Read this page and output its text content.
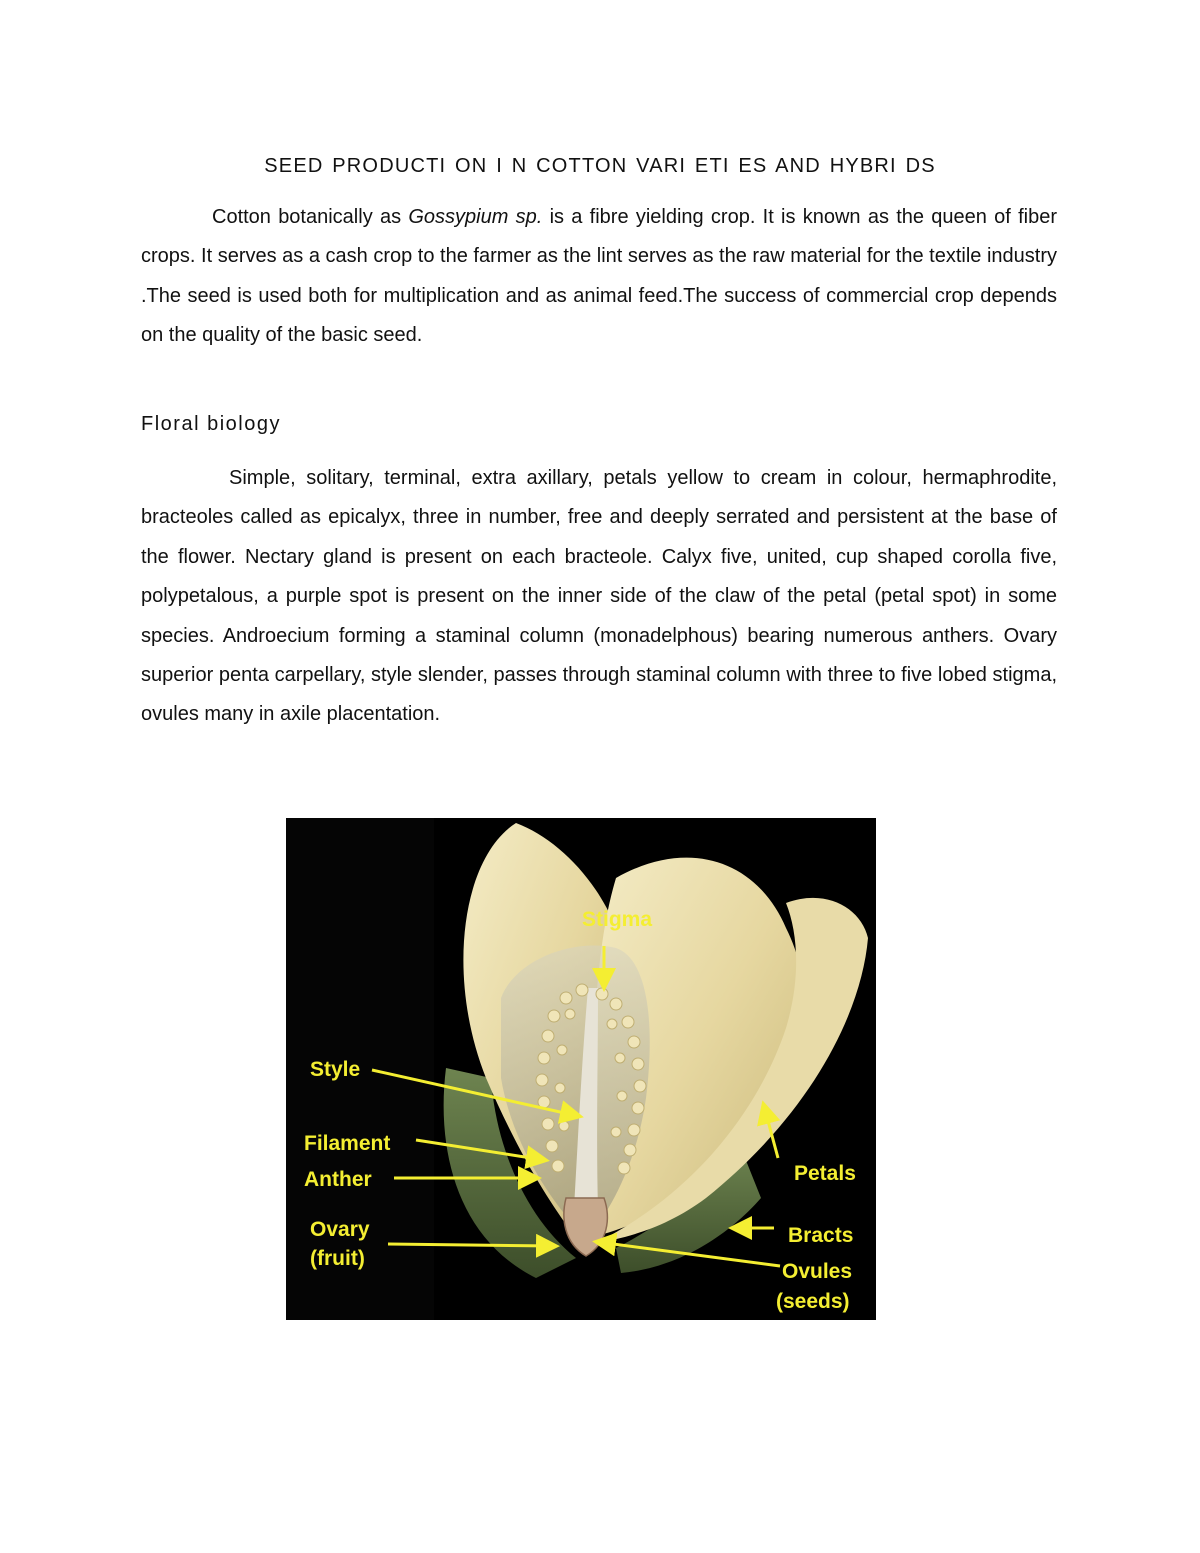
SEED PRODUCTI ON I N COTTON VARI ETI ES AND HYBRI DS

Cotton botanically as Gossypium sp. is a fibre yielding crop. It is known as the queen of fiber crops. It serves as a cash crop to the farmer as the lint serves as the raw material for the textile industry .The seed is used both for multiplication and as animal feed.The success of commercial crop depends on the quality of the basic seed.

Floral biology

Simple, solitary, terminal, extra axillary, petals yellow to cream in colour, hermaphrodite, bracteoles called as epicalyx, three in number, free and deeply serrated and persistent at the base of the flower. Nectary gland is present on each bracteole. Calyx five, united, cup shaped corolla five, polypetalous, a purple spot is present on the inner side of the claw of the petal (petal spot) in some species. Androecium forming a staminal column (monadelphous) bearing numerous anthers. Ovary superior penta carpellary, style slender, passes through staminal column with three to five lobed stigma, ovules many in axile placentation.

Stigma
Style
Filament
Anther
Ovary
(fruit)
Petals
Bracts
Ovules
(seeds)
